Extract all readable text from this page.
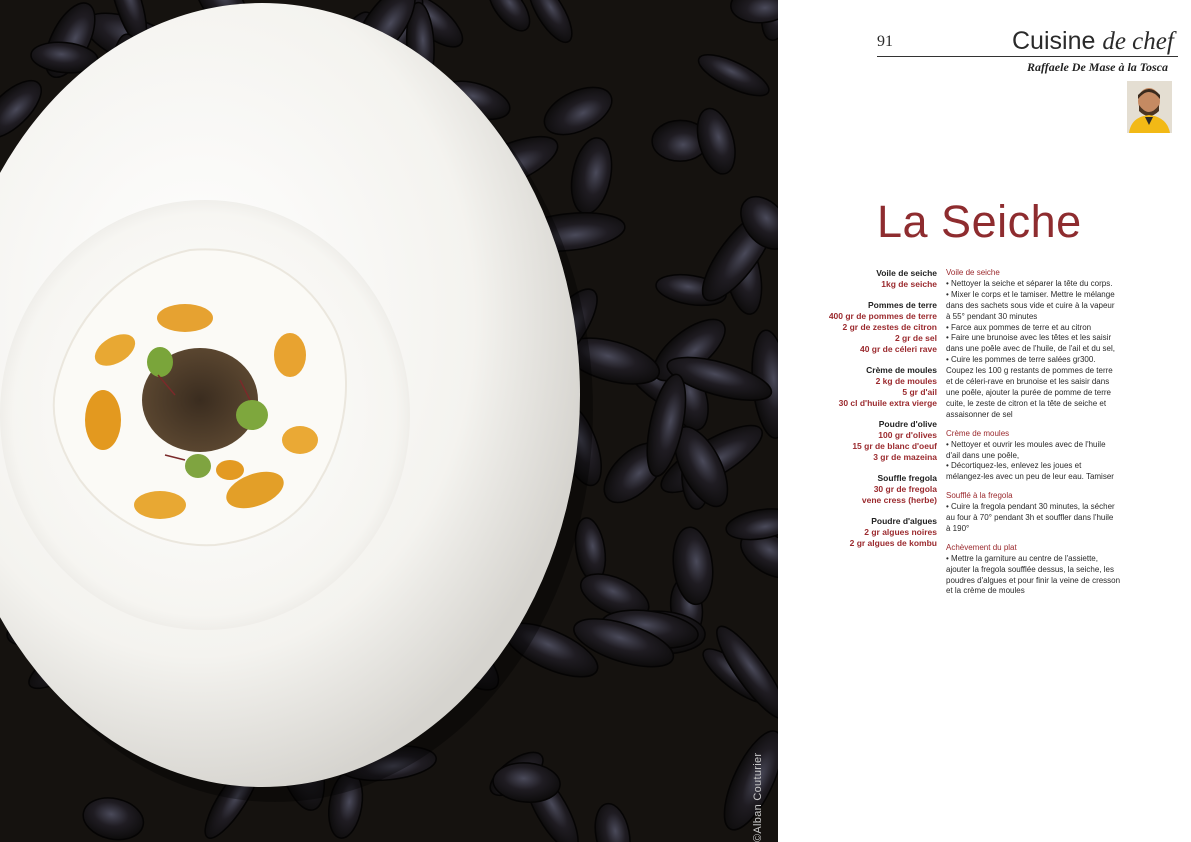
©Alban Couturier
91	Cuisine de chef
Raffaele De Mase à la Tosca
La Seiche
Voile de seiche
1kg de seiche
Pommes de terre
400 gr de pommes de terre
2 gr de zestes de citron
2 gr de sel
40 gr de céleri rave
Crème de moules
2 kg de moules
5 gr d'ail
30 cl d'huile extra vierge
Poudre d'olive
100 gr d'olives
15 gr de blanc d'oeuf
3 gr de mazeina
Souffle fregola
30 gr de fregola
vene cress (herbe)
Poudre d'algues
2 gr algues noires
2 gr algues de kombu
Voile de seiche
• Nettoyer la seiche et séparer la tête du corps.
• Mixer le corps et le tamiser. Mettre le mélange
dans des sachets sous vide et cuire à la vapeur
à 55° pendant 30 minutes
• Farce aux pommes de terre et au citron
• Faire une brunoise avec les têtes et les saisir
dans une poêle avec de l'huile, de l'ail et du sel,
• Cuire les pommes de terre salées gr300.
Coupez les 100 g restants de pommes de terre
et de céleri-rave en brunoise et les saisir dans
une poêle, ajouter la purée de pomme de terre
cuite, le zeste de citron et la tête de seiche et
assaisonner de sel
Crème de moules
• Nettoyer et ouvrir les moules avec de l'huile
d'ail dans une poêle,
• Décortiquez-les, enlevez les joues et
mélangez-les avec un peu de leur eau. Tamiser
Soufflé à la fregola
• Cuire la fregola pendant 30 minutes, la sécher
au four à 70° pendant 3h et souffler dans l'huile
à 190°
Achèvement du plat
• Mettre la garniture au centre de l'assiette,
ajouter la fregola soufflée dessus, la seiche, les
poudres d'algues et pour finir la veine de cresson
et la crème de moules
